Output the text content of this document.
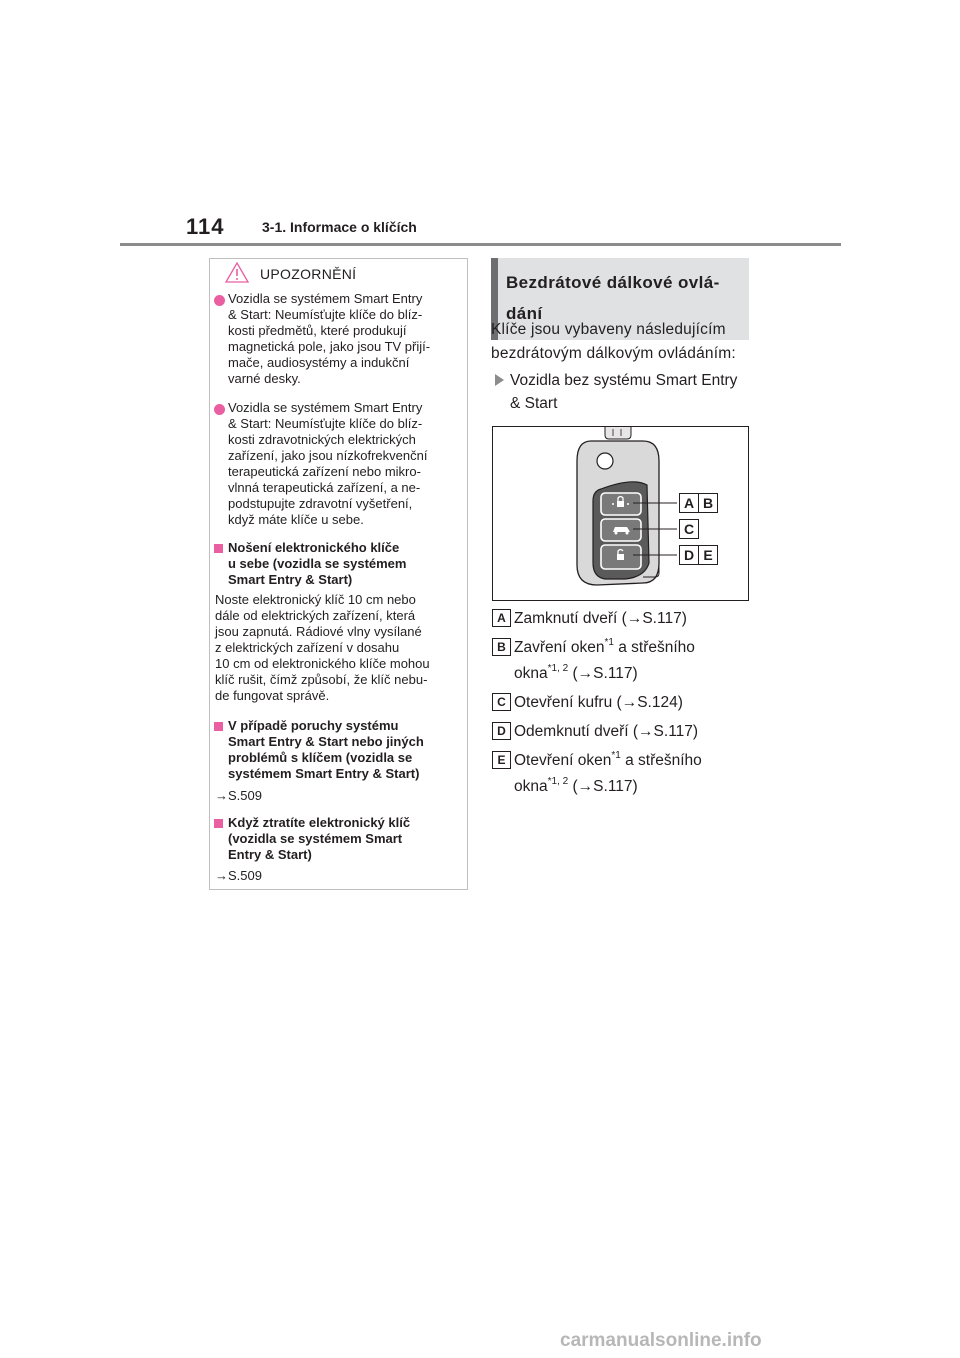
114	3-1. Informace o klíčích
UPOZORNĚNÍ
Vozidla se systémem Smart Entry
& Start: Neumísťujte klíče do blíz-
kosti předmětů, které produkují
magnetická pole, jako jsou TV přijí-
mače, audiosystémy a indukční
varné desky.
Vozidla se systémem Smart Entry
& Start: Neumísťujte klíče do blíz-
kosti zdravotnických elektrických
zařízení, jako jsou nízkofrekvenční
terapeutická zařízení nebo mikro-
vlnná terapeutická zařízení, a ne-
podstupujte zdravotní vyšetření,
když máte klíče u sebe.
Nošení elektronického klíče
u sebe (vozidla se systémem
Smart Entry & Start)
Noste elektronický klíč 10 cm nebo
dále od elektrických zařízení, která
jsou zapnutá. Rádiové vlny vysílané
z elektrických zařízení v dosahu
10 cm od elektronického klíče mohou
klíč rušit, čímž způsobí, že klíč nebu-
de fungovat správě.
V případě poruchy systému
Smart Entry & Start nebo jiných
problémů s klíčem (vozidla se
systémem Smart Entry & Start)
→S.509
Když ztratíte elektronický klíč
(vozidla se systémem Smart
Entry & Start)
→S.509
Bezdrátové dálkové ovlá-
dání
Klíče jsou vybaveny následujícím
bezdrátovým dálkovým ovládáním:
Vozidla bez systému Smart Entry
& Start
A B
C
D E
A Zamknutí dveří (→S.117)
B Zavření oken$^{*1}$ a střešního
okna$^{*1, 2}$ (→S.117)
C Otevření kufru (→S.124)
D Odemknutí dveří (→S.117)
E Otevření oken$^{*1}$ a střešního
okna$^{*1, 2}$ (→S.117)
carmanualsonline.info
